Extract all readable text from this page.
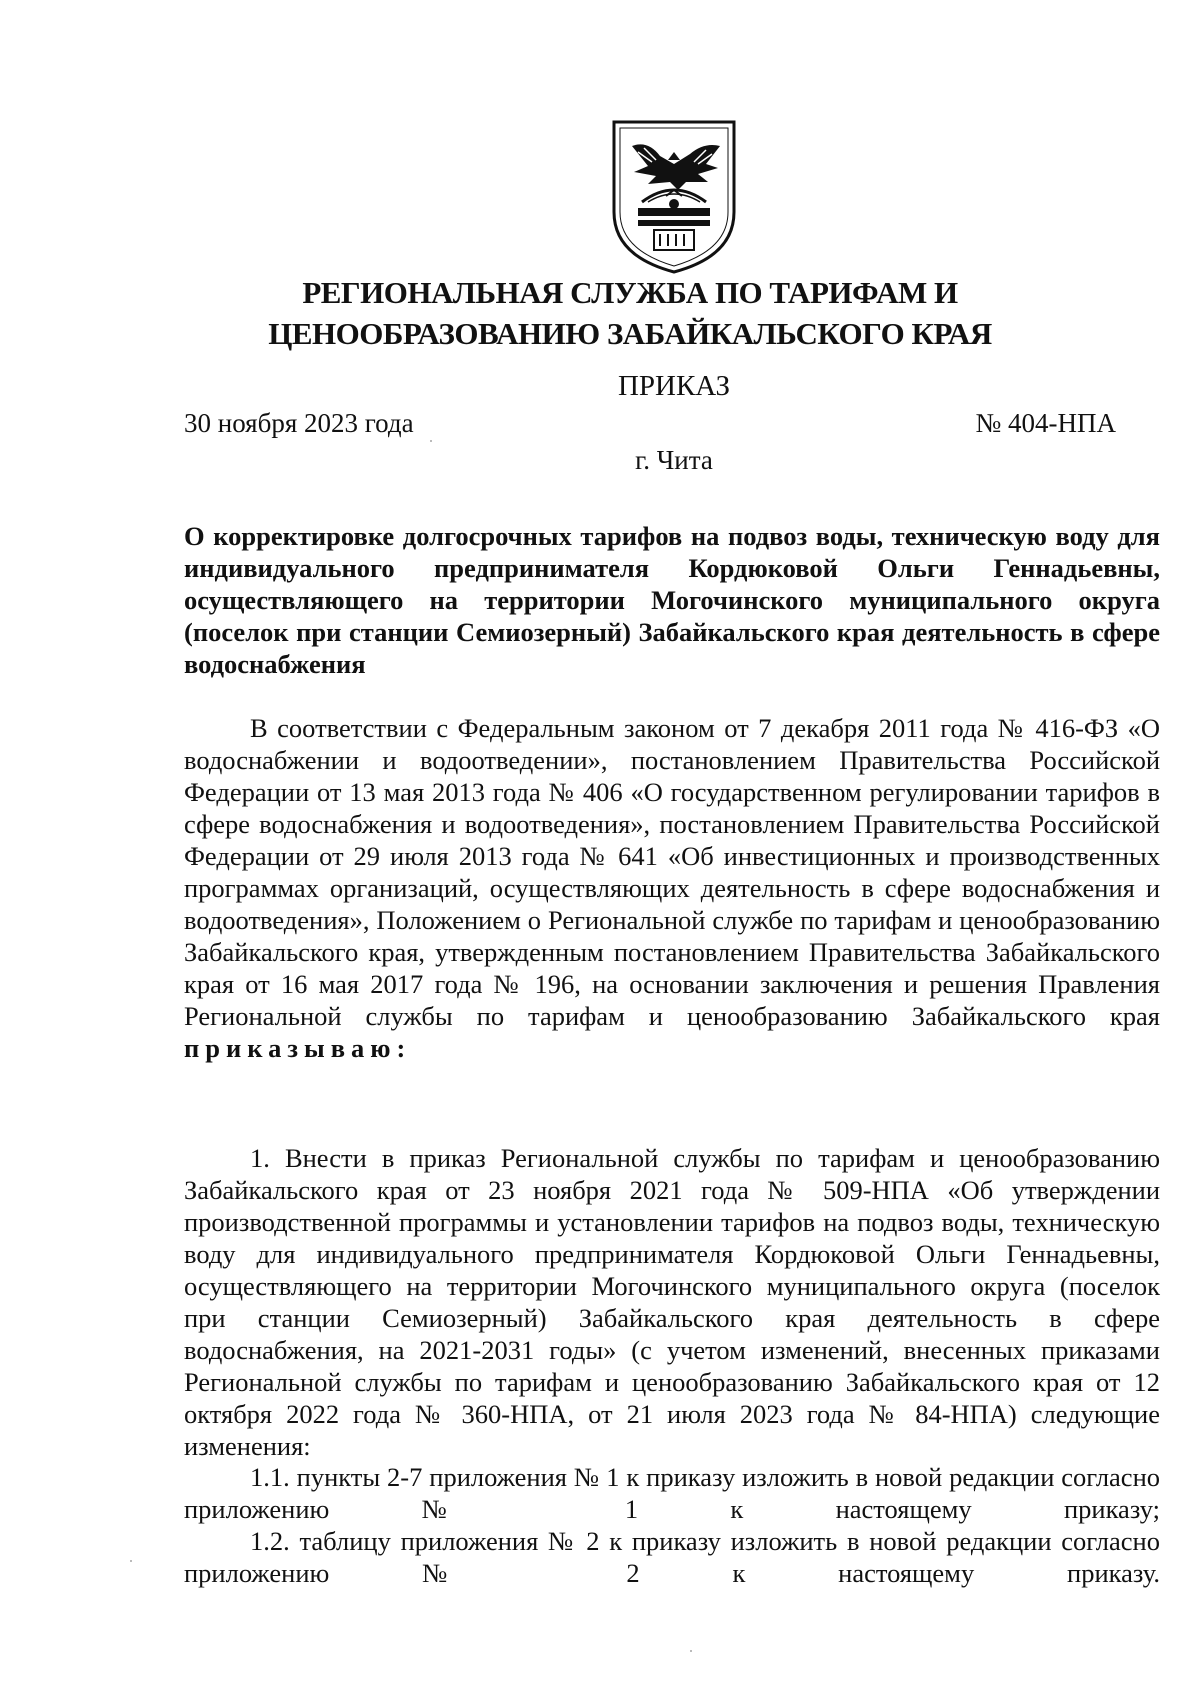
РЕГИОНАЛЬНАЯ СЛУЖБА ПО ТАРИФАМ И
ЦЕНООБРАЗОВАНИЮ ЗАБАЙКАЛЬСКОГО КРАЯ
ПРИКАЗ
30 ноября 2023 года	№ 404-НПА
г. Чита
О корректировке долгосрочных тарифов на подвоз воды, техническую воду для индивидуального предпринимателя Кордюковой Ольги Геннадьевны, осуществляющего на территории Могочинского муниципального округа (поселок при станции Семиозерный) Забайкальского края деятельность в сфере водоснабжения
В соответствии с Федеральным законом от 7 декабря 2011 года № 416-ФЗ «О водоснабжении и водоотведении», постановлением Правительства Российской Федерации от 13 мая 2013 года № 406 «О государственном регулировании тарифов в сфере водоснабжения и водоотведения», постановлением Правительства Российской Федерации от 29 июля 2013 года № 641 «Об инвестиционных и производственных программах организаций, осуществляющих деятельность в сфере водоснабжения и водоотведения», Положением о Региональной службе по тарифам и ценообразованию Забайкальского края, утвержденным постановлением Правительства Забайкальского края от 16 мая 2017 года № 196, на основании заключения и решения Правления Региональной службы по тарифам и ценообразованию Забайкальского края приказываю:
1. Внести в приказ Региональной службы по тарифам и ценообразованию Забайкальского края от 23 ноября 2021 года № 509-НПА «Об утверждении производственной программы и установлении тарифов на подвоз воды, техническую воду для индивидуального предпринимателя Кордюковой Ольги Геннадьевны, осуществляющего на территории Могочинского муниципального округа (поселок при станции Семиозерный) Забайкальского края деятельность в сфере водоснабжения, на 2021-2031 годы» (с учетом изменений, внесенных приказами Региональной службы по тарифам и ценообразованию Забайкальского края от 12 октября 2022 года № 360-НПА, от 21 июля 2023 года № 84-НПА) следующие изменения:
1.1. пункты 2-7 приложения № 1 к приказу изложить в новой редакции согласно приложению № 1 к настоящему приказу;
1.2. таблицу приложения № 2 к приказу изложить в новой редакции согласно приложению № 2 к настоящему приказу.
